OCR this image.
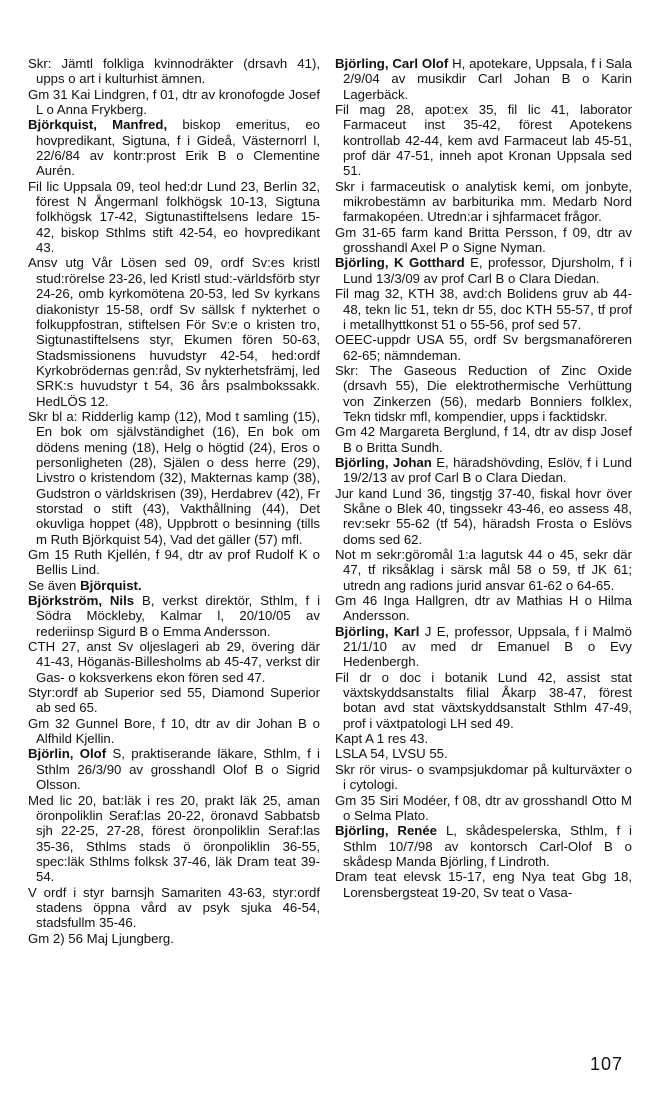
Skr: Jämtl folkliga kvinnodräkter (drsavh 41), upps o art i kulturhist ämnen.

Gm 31 Kai Lindgren, f 01, dtr av kronofogde Josef L o Anna Frykberg.

Björkquist, Manfred, biskop emeritus, eo hovpredikant, Sigtuna, f i Gideå, Västernorrl l, 22/6/84 av kontr:prost Erik B o Clementine Aurén.

Fil lic Uppsala 09, teol hed:dr Lund 23, Berlin 32, förest N Ångermanl folkhögsk 10-13, Sigtuna folkhögsk 17-42, Sigtunastiftelsens ledare 15-42, biskop Sthlms stift 42-54, eo hovpredikant 43.

Ansv utg Vår Lösen sed 09, ordf Sv:es kristl stud:rörelse 23-26, led Kristl stud:-världsförb styr 24-26, omb kyrkomötena 20-53, led Sv kyrkans diakonistyr 15-58, ordf Sv sällsk f nykterhet o folkuppfostran, stiftelsen För Sv:e o kristen tro, Sigtunastiftelsens styr, Ekumen fören 50-63, Stadsmissionens huvudstyr 42-54, hed:ordf Kyrkobrödernas gen:råd, Sv nykterhetsfrämj, led SRK:s huvudstyr t 54, 36 års psalmbokssakk. HedLÖS 12.

Skr bl a: Ridderlig kamp (12), Mod t samling (15), En bok om självständighet (16), En bok om dödens mening (18), Helg o högtid (24), Eros o personligheten (28), Själen o dess herre (29), Livstro o kristendom (32), Makternas kamp (38), Gudstron o världskrisen (39), Herdabrev (42), Fr storstad o stift (43), Vakthållning (44), Det okuvliga hoppet (48), Uppbrott o besinning (tills m Ruth Björkquist 54), Vad det gäller (57) mfl.

Gm 15 Ruth Kjellén, f 94, dtr av prof Rudolf K o Bellis Lind.

Se även Björquist.

Björkström, Nils B, verkst direktör, Sthlm, f i Södra Möckleby, Kalmar l, 20/10/05 av rederiinsp Sigurd B o Emma Andersson.

CTH 27, anst Sv oljeslageri ab 29, övering där 41-43, Höganäs-Billesholms ab 45-47, verkst dir Gas- o koksverkens ekon fören sed 47.

Styr:ordf ab Superior sed 55, Diamond Superior ab sed 65.

Gm 32 Gunnel Bore, f 10, dtr av dir Johan B o Alfhild Kjellin.

Björlin, Olof S, praktiserande läkare, Sthlm, f i Sthlm 26/3/90 av grosshandl Olof B o Sigrid Olsson.

Med lic 20, bat:läk i res 20, prakt läk 25, aman öronpoliklin Seraf:las 20-22, öronavd Sabbatsb sjh 22-25, 27-28, förest öronpoliklin Seraf:las 35-36, Sthlms stads ö öronpoliklin 36-55, spec:läk Sthlms folksk 37-46, läk Dram teat 39-54.

V ordf i styr barnsjh Samariten 43-63, styr:ordf stadens öppna vård av psyk sjuka 46-54, stadsfullm 35-46.

Gm 2) 56 Maj Ljungberg.

Björling, Carl Olof H, apotekare, Uppsala, f i Sala 2/9/04 av musikdir Carl Johan B o Karin Lagerbäck.

Fil mag 28, apot:ex 35, fil lic 41, laborator Farmaceut inst 35-42, förest Apotekens kontrollab 42-44, kem avd Farmaceut lab 45-51, prof där 47-51, inneh apot Kronan Uppsala sed 51.

Skr i farmaceutisk o analytisk kemi, om jonbyte, mikrobestämn av barbiturika mm. Medarb Nord farmakopéen. Utredn:ar i sjhfarmacet frågor.

Gm 31-65 farm kand Britta Persson, f 09, dtr av grosshandl Axel P o Signe Nyman.

Björling, K Gotthard E, professor, Djursholm, f i Lund 13/3/09 av prof Carl B o Clara Diedan.

Fil mag 32, KTH 38, avd:ch Bolidens gruv ab 44-48, tekn lic 51, tekn dr 55, doc KTH 55-57, tf prof i metallhyttkonst 51 o 55-56, prof sed 57.

OEEC-uppdr USA 55, ordf Sv bergsmanaföreren 62-65; nämndeman.

Skr: The Gaseous Reduction of Zinc Oxide (drsavh 55), Die elektrothermische Verhüttung von Zinkerzen (56), medarb Bonniers folklex, Tekn tidskr mfl, kompendier, upps i facktidskr.

Gm 42 Margareta Berglund, f 14, dtr av disp Josef B o Britta Sundh.

Björling, Johan E, häradshövding, Eslöv, f i Lund 19/2/13 av prof Carl B o Clara Diedan.

Jur kand Lund 36, tingstjg 37-40, fiskal hovr över Skåne o Blek 40, tingssekr 43-46, eo assess 48, rev:sekr 55-62 (tf 54), häradsh Frosta o Eslövs doms sed 62.

Not m sekr:göromål 1:a lagutsk 44 o 45, sekr där 47, tf riksåklag i särsk mål 58 o 59, tf JK 61; utredn ang radions jurid ansvar 61-62 o 64-65.

Gm 46 Inga Hallgren, dtr av Mathias H o Hilma Andersson.

Björling, Karl J E, professor, Uppsala, f i Malmö 21/1/10 av med dr Emanuel B o Evy Hedenbergh.

Fil dr o doc i botanik Lund 42, assist stat växtskyddsanstalts filial Åkarp 38-47, förest botan avd stat växtskyddsanstalt Sthlm 47-49, prof i växtpatologi LH sed 49.

Kapt A 1 res 43.

LSLA 54, LVSU 55.

Skr rör virus- o svampsjukdomar på kulturväxter o i cytologi.

Gm 35 Siri Modéer, f 08, dtr av grosshandl Otto M o Selma Plato.

Björling, Renée L, skådespelerska, Sthlm, f i Sthlm 10/7/98 av kontorsch Carl-Olof B o skådesp Manda Björling, f Lindroth.

Dram teat elevsk 15-17, eng Nya teat Gbg 18, Lorensbergsteat 19-20, Sv teat o Vasa-

107
